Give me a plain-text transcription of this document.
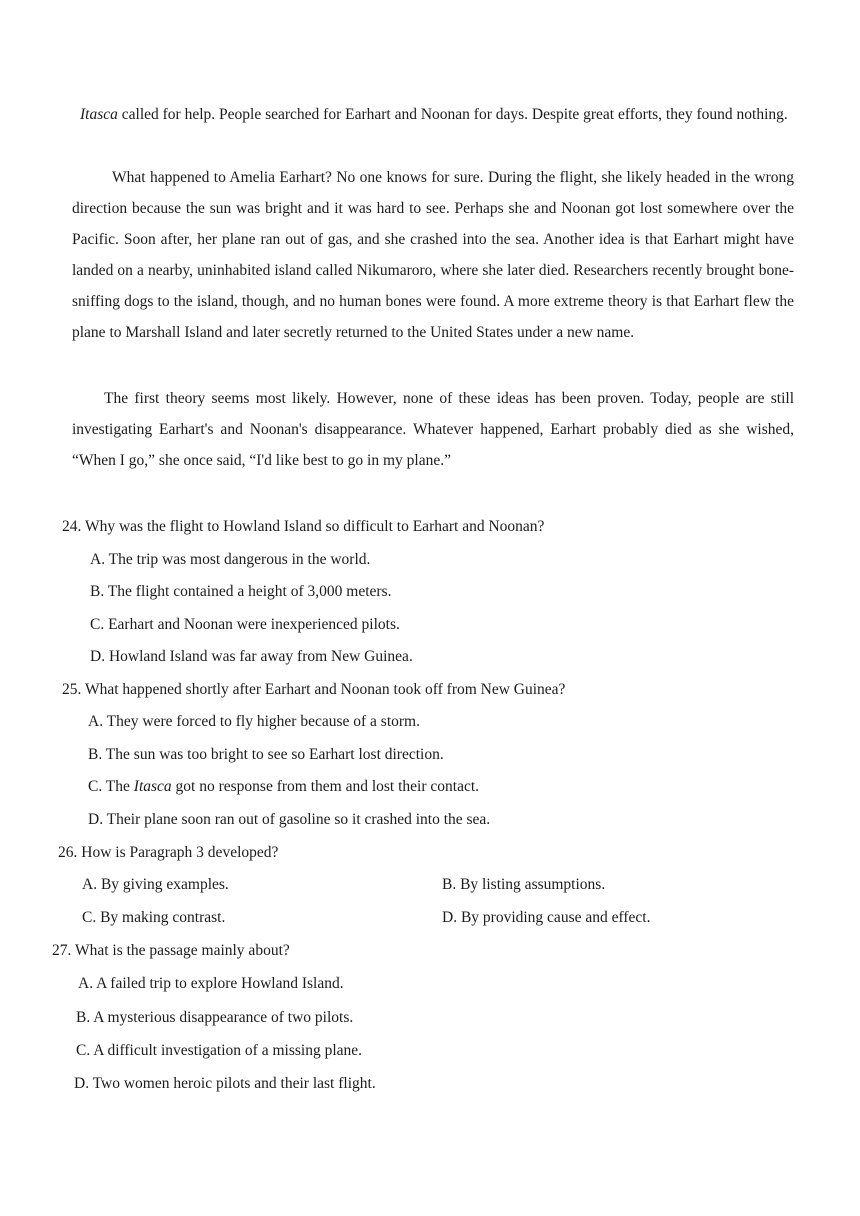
Itasca called for help. People searched for Earhart and Noonan for days. Despite great efforts, they found nothing.

What happened to Amelia Earhart? No one knows for sure. During the flight, she likely headed in the wrong direction because the sun was bright and it was hard to see. Perhaps she and Noonan got lost somewhere over the Pacific. Soon after, her plane ran out of gas, and she crashed into the sea. Another idea is that Earhart might have landed on a nearby, uninhabited island called Nikumaroro, where she later died. Researchers recently brought bone-sniffing dogs to the island, though, and no human bones were found. A more extreme theory is that Earhart flew the plane to Marshall Island and later secretly returned to the United States under a new name.

The first theory seems most likely. However, none of these ideas has been proven. Today, people are still investigating Earhart's and Noonan's disappearance. Whatever happened, Earhart probably died as she wished, “When I go,” she once said, “I'd like best to go in my plane.”

24. Why was the flight to Howland Island so difficult to Earhart and Noonan?
A. The trip was most dangerous in the world.
B. The flight contained a height of 3,000 meters.
C. Earhart and Noonan were inexperienced pilots.
D. Howland Island was far away from New Guinea.
25. What happened shortly after Earhart and Noonan took off from New Guinea?
A. They were forced to fly higher because of a storm.
B. The sun was too bright to see so Earhart lost direction.
C. The Itasca got no response from them and lost their contact.
D. Their plane soon ran out of gasoline so it crashed into the sea.
26. How is Paragraph 3 developed?
A. By giving examples.	B. By listing assumptions.
C. By making contrast.	D. By providing cause and effect.
27. What is the passage mainly about?
A. A failed trip to explore Howland Island.
B. A mysterious disappearance of two pilots.
C. A difficult investigation of a missing plane.
D. Two women heroic pilots and their last flight.
